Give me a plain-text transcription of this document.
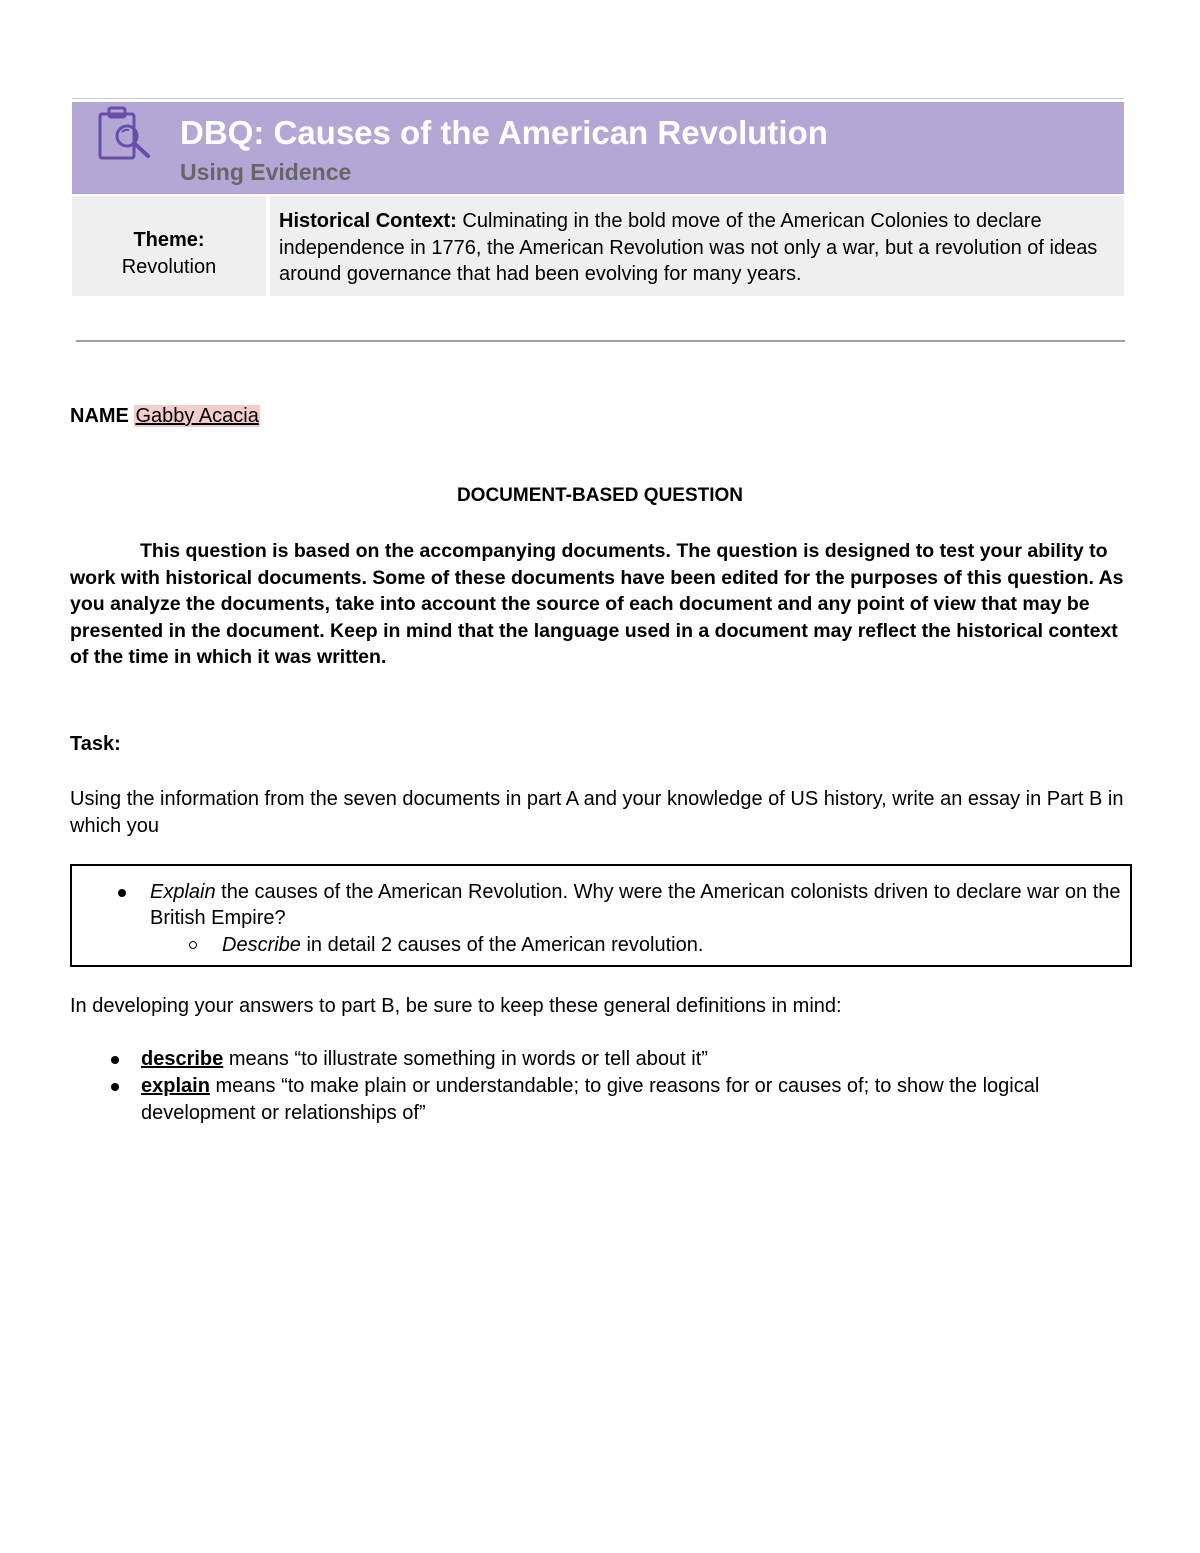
DBQ: Causes of the American Revolution
Using Evidence
Theme:
Revolution
Historical Context: Culminating in the bold move of the American Colonies to declare independence in 1776, the American Revolution was not only a war, but a revolution of ideas around governance that had been evolving for many years.
NAME Gabby Acacia
DOCUMENT-BASED QUESTION
This question is based on the accompanying documents. The question is designed to test your ability to work with historical documents. Some of these documents have been edited for the purposes of this question. As you analyze the documents, take into account the source of each document and any point of view that may be presented in the document. Keep in mind that the language used in a document may reflect the historical context of the time in which it was written.
Task:
Using the information from the seven documents in part A and your knowledge of US history, write an essay in Part B in which you
Explain the causes of the American Revolution. Why were the American colonists driven to declare war on the British Empire?
Describe in detail 2 causes of the American revolution.
In developing your answers to part B, be sure to keep these general definitions in mind:
describe means “to illustrate something in words or tell about it”
explain means “to make plain or understandable; to give reasons for or causes of; to show the logical development or relationships of”
